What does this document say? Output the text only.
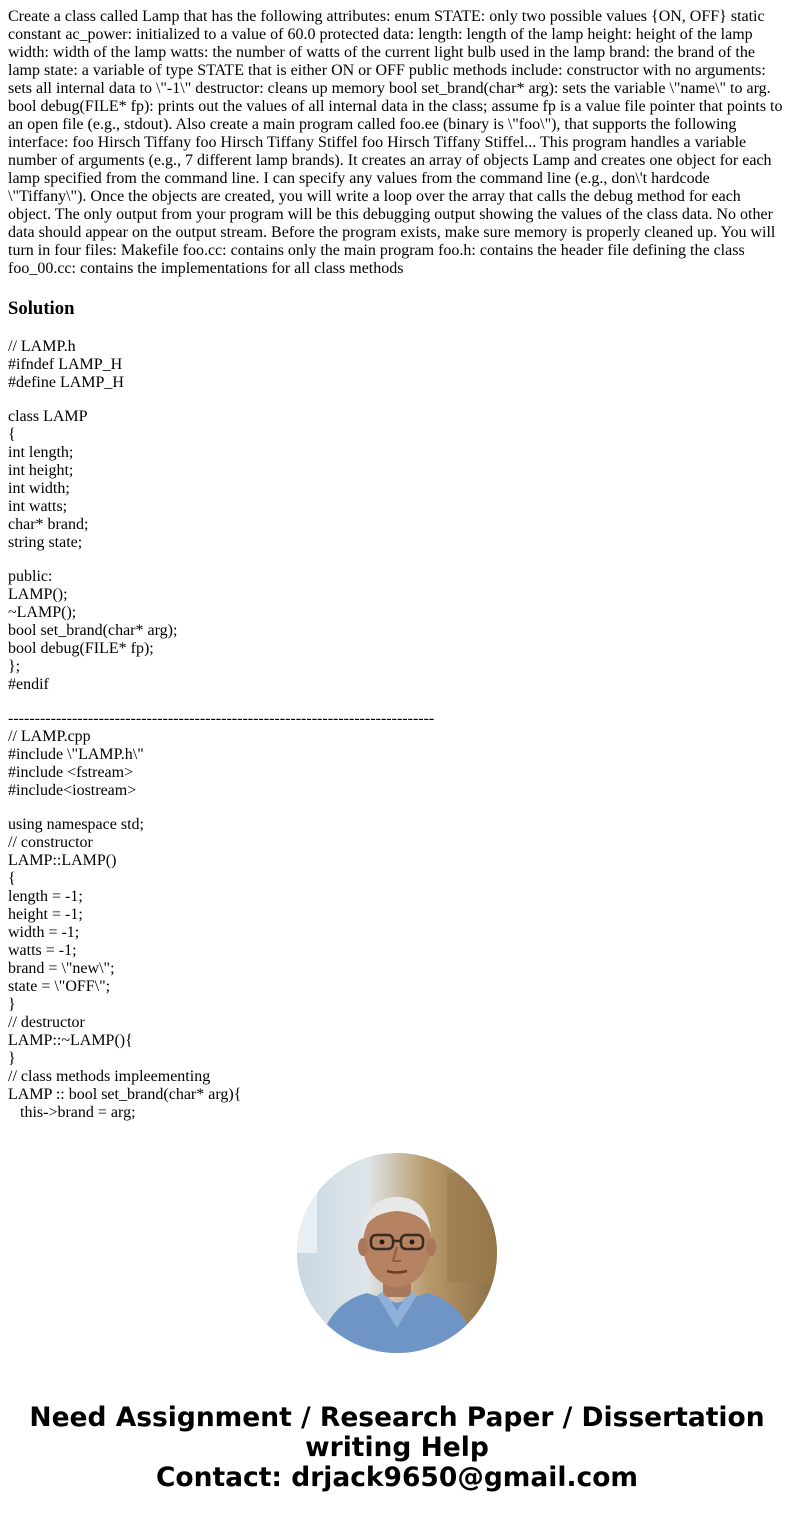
Create a class called Lamp that has the following attributes: enum STATE: only two possible values {ON, OFF} static constant ac_power: initialized to a value of 60.0 protected data: length: length of the lamp height: height of the lamp width: width of the lamp watts: the number of watts of the current light bulb used in the lamp brand: the brand of the lamp state: a variable of type STATE that is either ON or OFF public methods include: constructor with no arguments: sets all internal data to \"-1\" destructor: cleans up memory bool set_brand(char* arg): sets the variable \"name\" to arg. bool debug(FILE* fp): prints out the values of all internal data in the class; assume fp is a value file pointer that points to an open file (e.g., stdout). Also create a main program called foo.ee (binary is \"foo\"), that supports the following interface: foo Hirsch Tiffany foo Hirsch Tiffany Stiffel foo Hirsch Tiffany Stiffel... This program handles a variable number of arguments (e.g., 7 different lamp brands). It creates an array of objects Lamp and creates one object for each lamp specified from the command line. I can specify any values from the command line (e.g., don\'t hardcode \"Tiffany\"). Once the objects are created, you will write a loop over the array that calls the debug method for each object. The only output from your program will be this debugging output showing the values of the class data. No other data should appear on the output stream. Before the program exists, make sure memory is properly cleaned up. You will turn in four files: Makefile foo.cc: contains only the main program foo.h: contains the header file defining the class foo_00.cc: contains the implementations for all class methods
Solution
// LAMP.h
#ifndef LAMP_H
#define LAMP_H
class LAMP
{
int length;
int height;
int width;
int watts;
char* brand;
string state;
public:
LAMP();
~LAMP();
bool set_brand(char* arg);
bool debug(FILE* fp);
};
#endif
--------------------------------------------------------------------------------
// LAMP.cpp
#include \"LAMP.h\"
#include <fstream>
#include<iostream>
using namespace std;
// constructor
LAMP::LAMP()
{
length = -1;
height = -1;
width = -1;
watts = -1;
brand = \"new\";
state = \"OFF\";
}
// destructor
LAMP::~LAMP(){
}
// class methods impleementing
LAMP :: bool set_brand(char* arg){
this->brand = arg;
Need Assignment / Research Paper / Dissertation
writing Help
Contact: drjack9650@gmail.com
